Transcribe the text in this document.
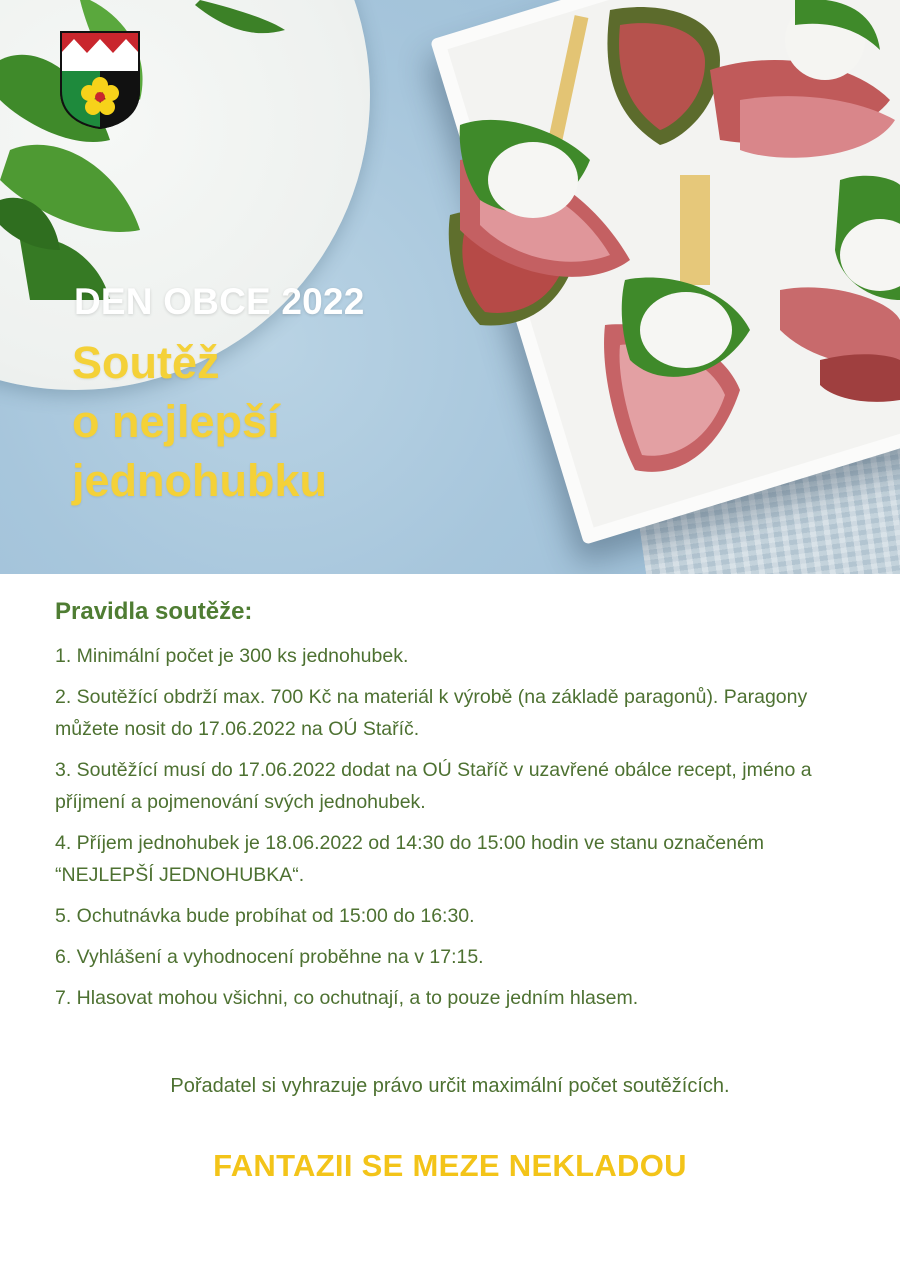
DEN OBCE 2022
Soutěž
o nejlepší
jednohubku
Pravidla soutěže:

1. Minimální počet je 300 ks jednohubek.

2. Soutěžící obdrží max. 700 Kč na materiál k výrobě (na základě paragonů). Paragony můžete nosit do 17.06.2022 na OÚ Staříč.

3. Soutěžící musí do 17.06.2022 dodat na OÚ Staříč v uzavřené obálce recept, jméno a příjmení a pojmenování svých jednohubek.

4. Příjem jednohubek je 18.06.2022 od 14:30 do 15:00 hodin ve stanu označeném “NEJLEPŠÍ JEDNOHUBKA“.

5. Ochutnávka bude probíhat od 15:00 do 16:30.

6. Vyhlášení a vyhodnocení proběhne na v 17:15.

7. Hlasovat mohou všichni, co ochutnají, a to pouze jedním hlasem.

Pořadatel si vyhrazuje právo určit maximální počet soutěžících.
FANTAZII SE MEZE NEKLADOU
